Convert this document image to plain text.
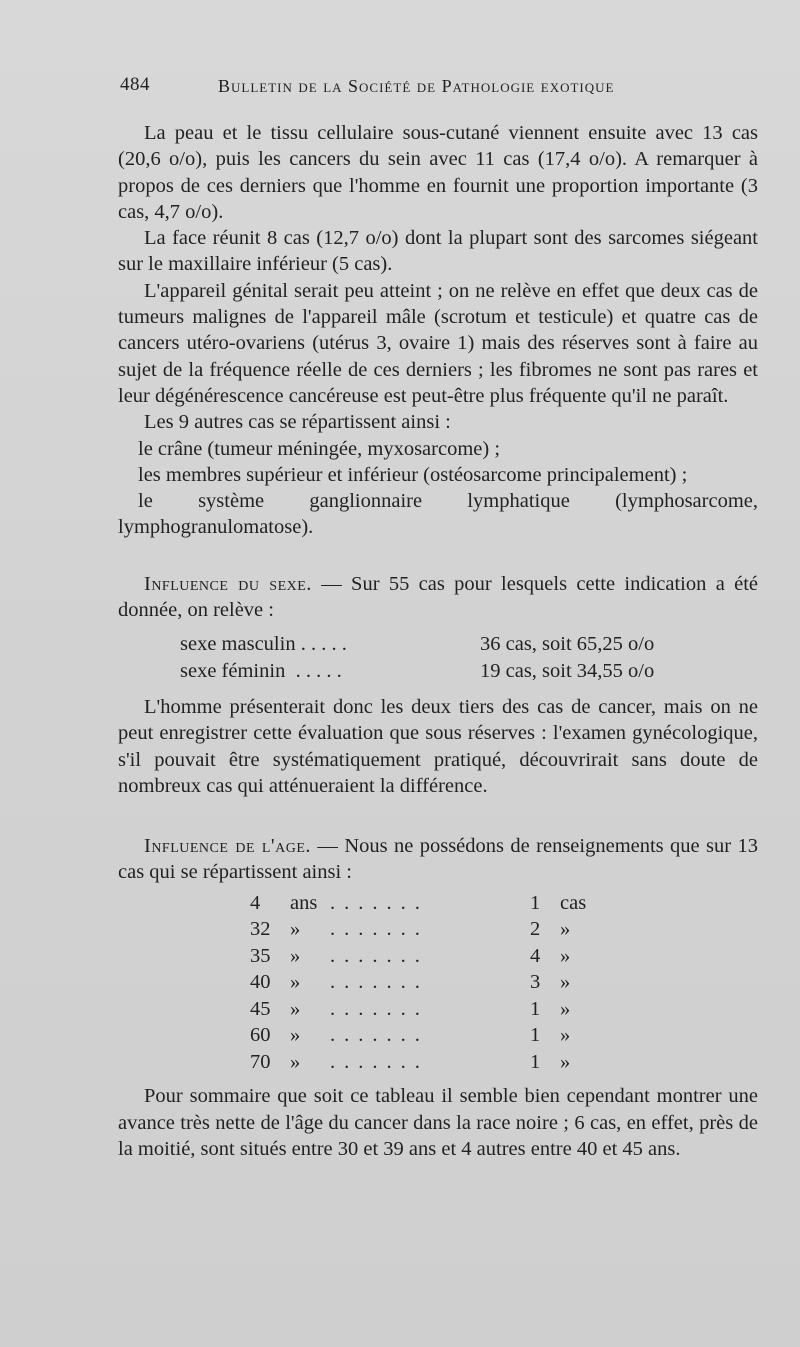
484	Bulletin de la Société de Pathologie exotique

La peau et le tissu cellulaire sous-cutané viennent ensuite avec 13 cas (20,6 o/o), puis les cancers du sein avec 11 cas (17,4 o/o). A remarquer à propos de ces derniers que l'homme en fournit une proportion importante (3 cas, 4,7 o/o).

La face réunit 8 cas (12,7 o/o) dont la plupart sont des sarcomes siégeant sur le maxillaire inférieur (5 cas).

L'appareil génital serait peu atteint ; on ne relève en effet que deux cas de tumeurs malignes de l'appareil mâle (scrotum et testicule) et quatre cas de cancers utéro-ovariens (utérus 3, ovaire 1) mais des réserves sont à faire au sujet de la fréquence réelle de ces derniers ; les fibromes ne sont pas rares et leur dégénérescence cancéreuse est peut-être plus fréquente qu'il ne paraît.

Les 9 autres cas se répartissent ainsi :

le crâne (tumeur méningée, myxosarcome) ;

les membres supérieur et inférieur (ostéosarcome principalement) ;

le système ganglionnaire lymphatique (lymphosarcome, lymphogranulomatose).

Influence du sexe. — Sur 55 cas pour lesquels cette indication a été donnée, on relève :

sexe masculin . . . . .	36 cas, soit 65,25 o/o
sexe féminin  . . . . .	19 cas, soit 34,55 o/o

L'homme présenterait donc les deux tiers des cas de cancer, mais on ne peut enregistrer cette évaluation que sous réserves : l'examen gynécologique, s'il pouvait être systématiquement pratiqué, découvrirait sans doute de nombreux cas qui atténueraient la différence.

Influence de l'age. — Nous ne possédons de renseignements que sur 13 cas qui se répartissent ainsi :

4	ans .......	1 cas
32 »	.......	2 »
35 »	.......	4 »
40 »	.......	3 »
45 »	.......	1 »
60 »	.......	1 »
70 »	.......	1 »

Pour sommaire que soit ce tableau il semble bien cependant montrer une avance très nette de l'âge du cancer dans la race noire ; 6 cas, en effet, près de la moitié, sont situés entre 30 et 39 ans et 4 autres entre 40 et 45 ans.
